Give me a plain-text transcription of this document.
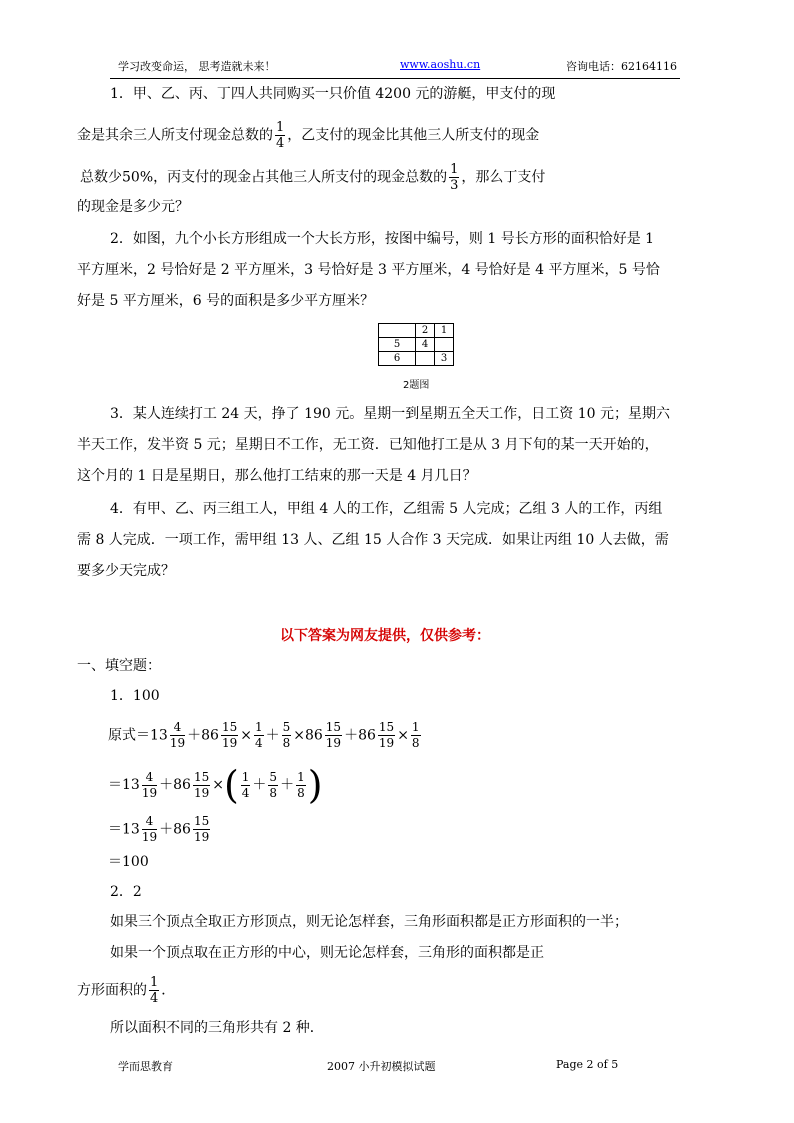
学习改变命运， 思考造就未来！	www.aoshu.cn	咨询电话：62164116
1．甲、乙、丙、丁四人共同购买一只价值 4200 元的游艇，甲支付的现
金是其余三人所支付现金总数的 $\frac{1}{4}$ ，乙支付的现金比其他三人所支付的现金
总数少50%，丙支付的现金占其他三人所支付的现金总数的 $\frac{1}{3}$ ，那么丁支付
的现金是多少元？
2．如图，九个小长方形组成一个大长方形，按图中编号，则 1 号长方形的面积恰好是 1
平方厘米，2 号恰好是 2 平方厘米，3 号恰好是 3 平方厘米，4 号恰好是 4 平方厘米，5 号恰
好是 5 平方厘米，6 号的面积是多少平方厘米？
	2	1
5	4	
6		3
2题图
3．某人连续打工 24 天，挣了 190 元。星期一到星期五全天工作，日工资 10 元；星期六
半天工作，发半资 5 元；星期日不工作，无工资．已知他打工是从 3 月下旬的某一天开始的，
这个月的 1 日是星期日，那么他打工结束的那一天是 4 月几日？
4．有甲、乙、丙三组工人，甲组 4 人的工作，乙组需 5 人完成；乙组 3 人的工作，丙组
需 8 人完成．一项工作，需甲组 13 人、乙组 15 人合作 3 天完成．如果让丙组 10 人去做，需
要多少天完成？
以下答案为网友提供，仅供参考：
一、填空题：
1．100
原式$=13 \frac{4}{19} +86 \frac{15}{19} \times \frac{1}{4} + \frac{5}{8} \times 86 \frac{15}{19} +86 \frac{15}{19} \times \frac{1}{8}$
$=13 \frac{4}{19} +86 \frac{15}{19}$ ×( $\frac{1}{4} + \frac{5}{8} + \frac{1}{8}$ )
$=13 \frac{4}{19} +86 \frac{15}{19}$
＝100
2．2
如果三个顶点全取正方形顶点，则无论怎样套，三角形面积都是正方形面积的一半；
如果一个顶点取在正方形的中心，则无论怎样套，三角形的面积都是正
方形面积的 $\frac{1}{4}$ ．
所以面积不同的三角形共有 2 种．
学而思教育	2007 小升初模拟试题	Page 2 of 5
